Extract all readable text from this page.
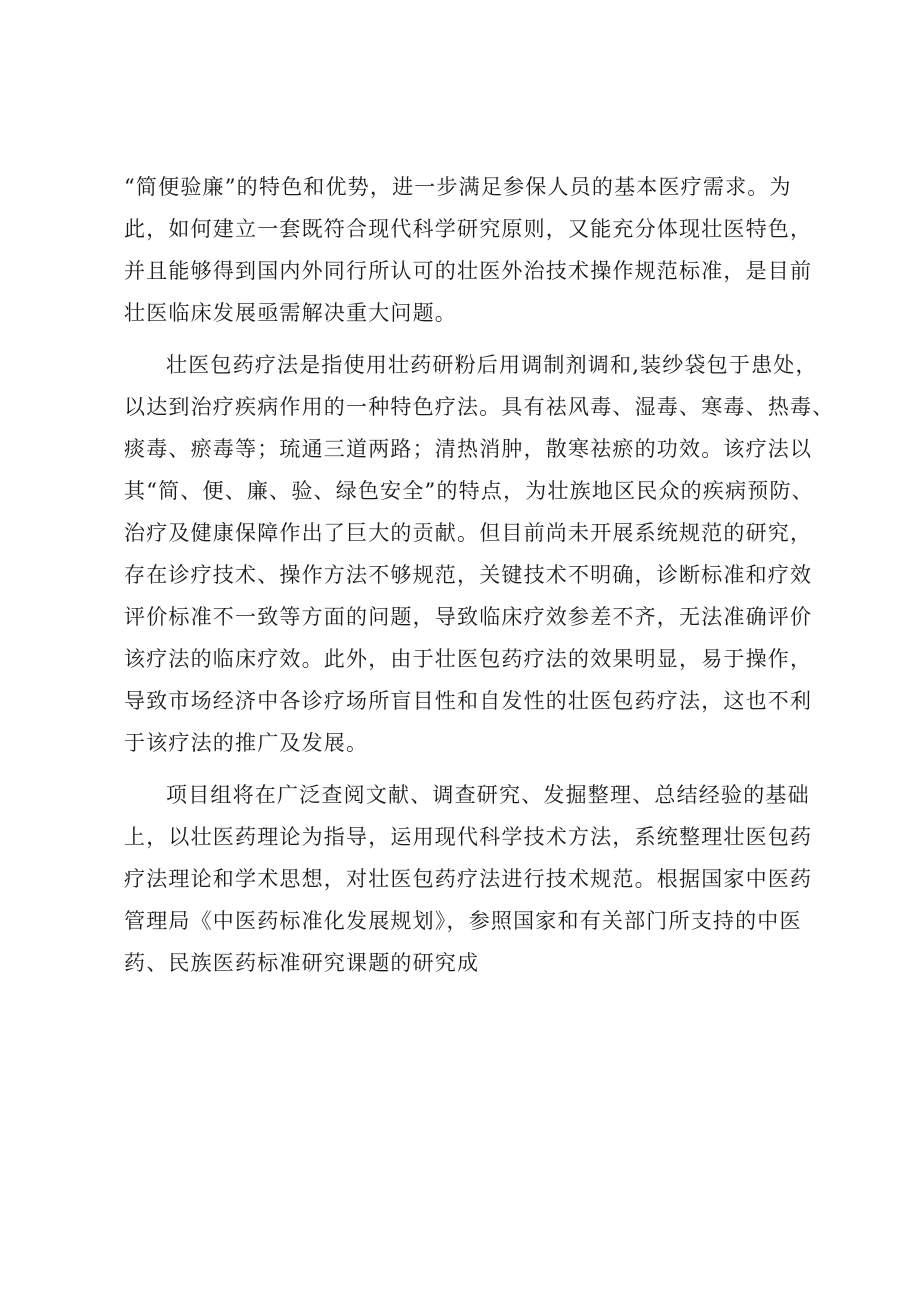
“简便验廉”的特色和优势，进一步满足参保人员的基本医疗需求。为
此，如何建立一套既符合现代科学研究原则，又能充分体现壮医特色，
并且能够得到国内外同行所认可的壮医外治技术操作规范标准，是目前
壮医临床发展亟需解决重大问题。
壮医包药疗法是指使用壮药研粉后用调制剂调和,装纱袋包于患处，
以达到治疗疾病作用的一种特色疗法。具有祛风毒、湿毒、寒毒、热毒、
痰毒、瘀毒等；琉通三道两路；清热消肿，散寒祛瘀的功效。该疗法以
其“简、便、廉、验、绿色安全”的特点，为壮族地区民众的疾病预防、
治疗及健康保障作出了巨大的贡献。但目前尚未开展系统规范的研究，
存在诊疗技术、操作方法不够规范，关键技术不明确，诊断标准和疗效
评价标准不一致等方面的问题，导致临床疗效参差不齐，无法准确评价
该疗法的临床疗效。此外，由于壮医包药疗法的效果明显，易于操作，
导致市场经济中各诊疗场所盲目性和自发性的壮医包药疗法，这也不利
于该疗法的推广及发展。
项目组将在广泛查阅文献、调查研究、发掘整理、总结经验的基础
上，以壮医药理论为指导，运用现代科学技术方法，系统整理壮医包药
疗法理论和学术思想，对壮医包药疗法进行技术规范。根据国家中医药
管理局《中医药标准化发展规划》，参照国家和有关部门所支持的中医
药、民族医药标准研究课题的研究成
